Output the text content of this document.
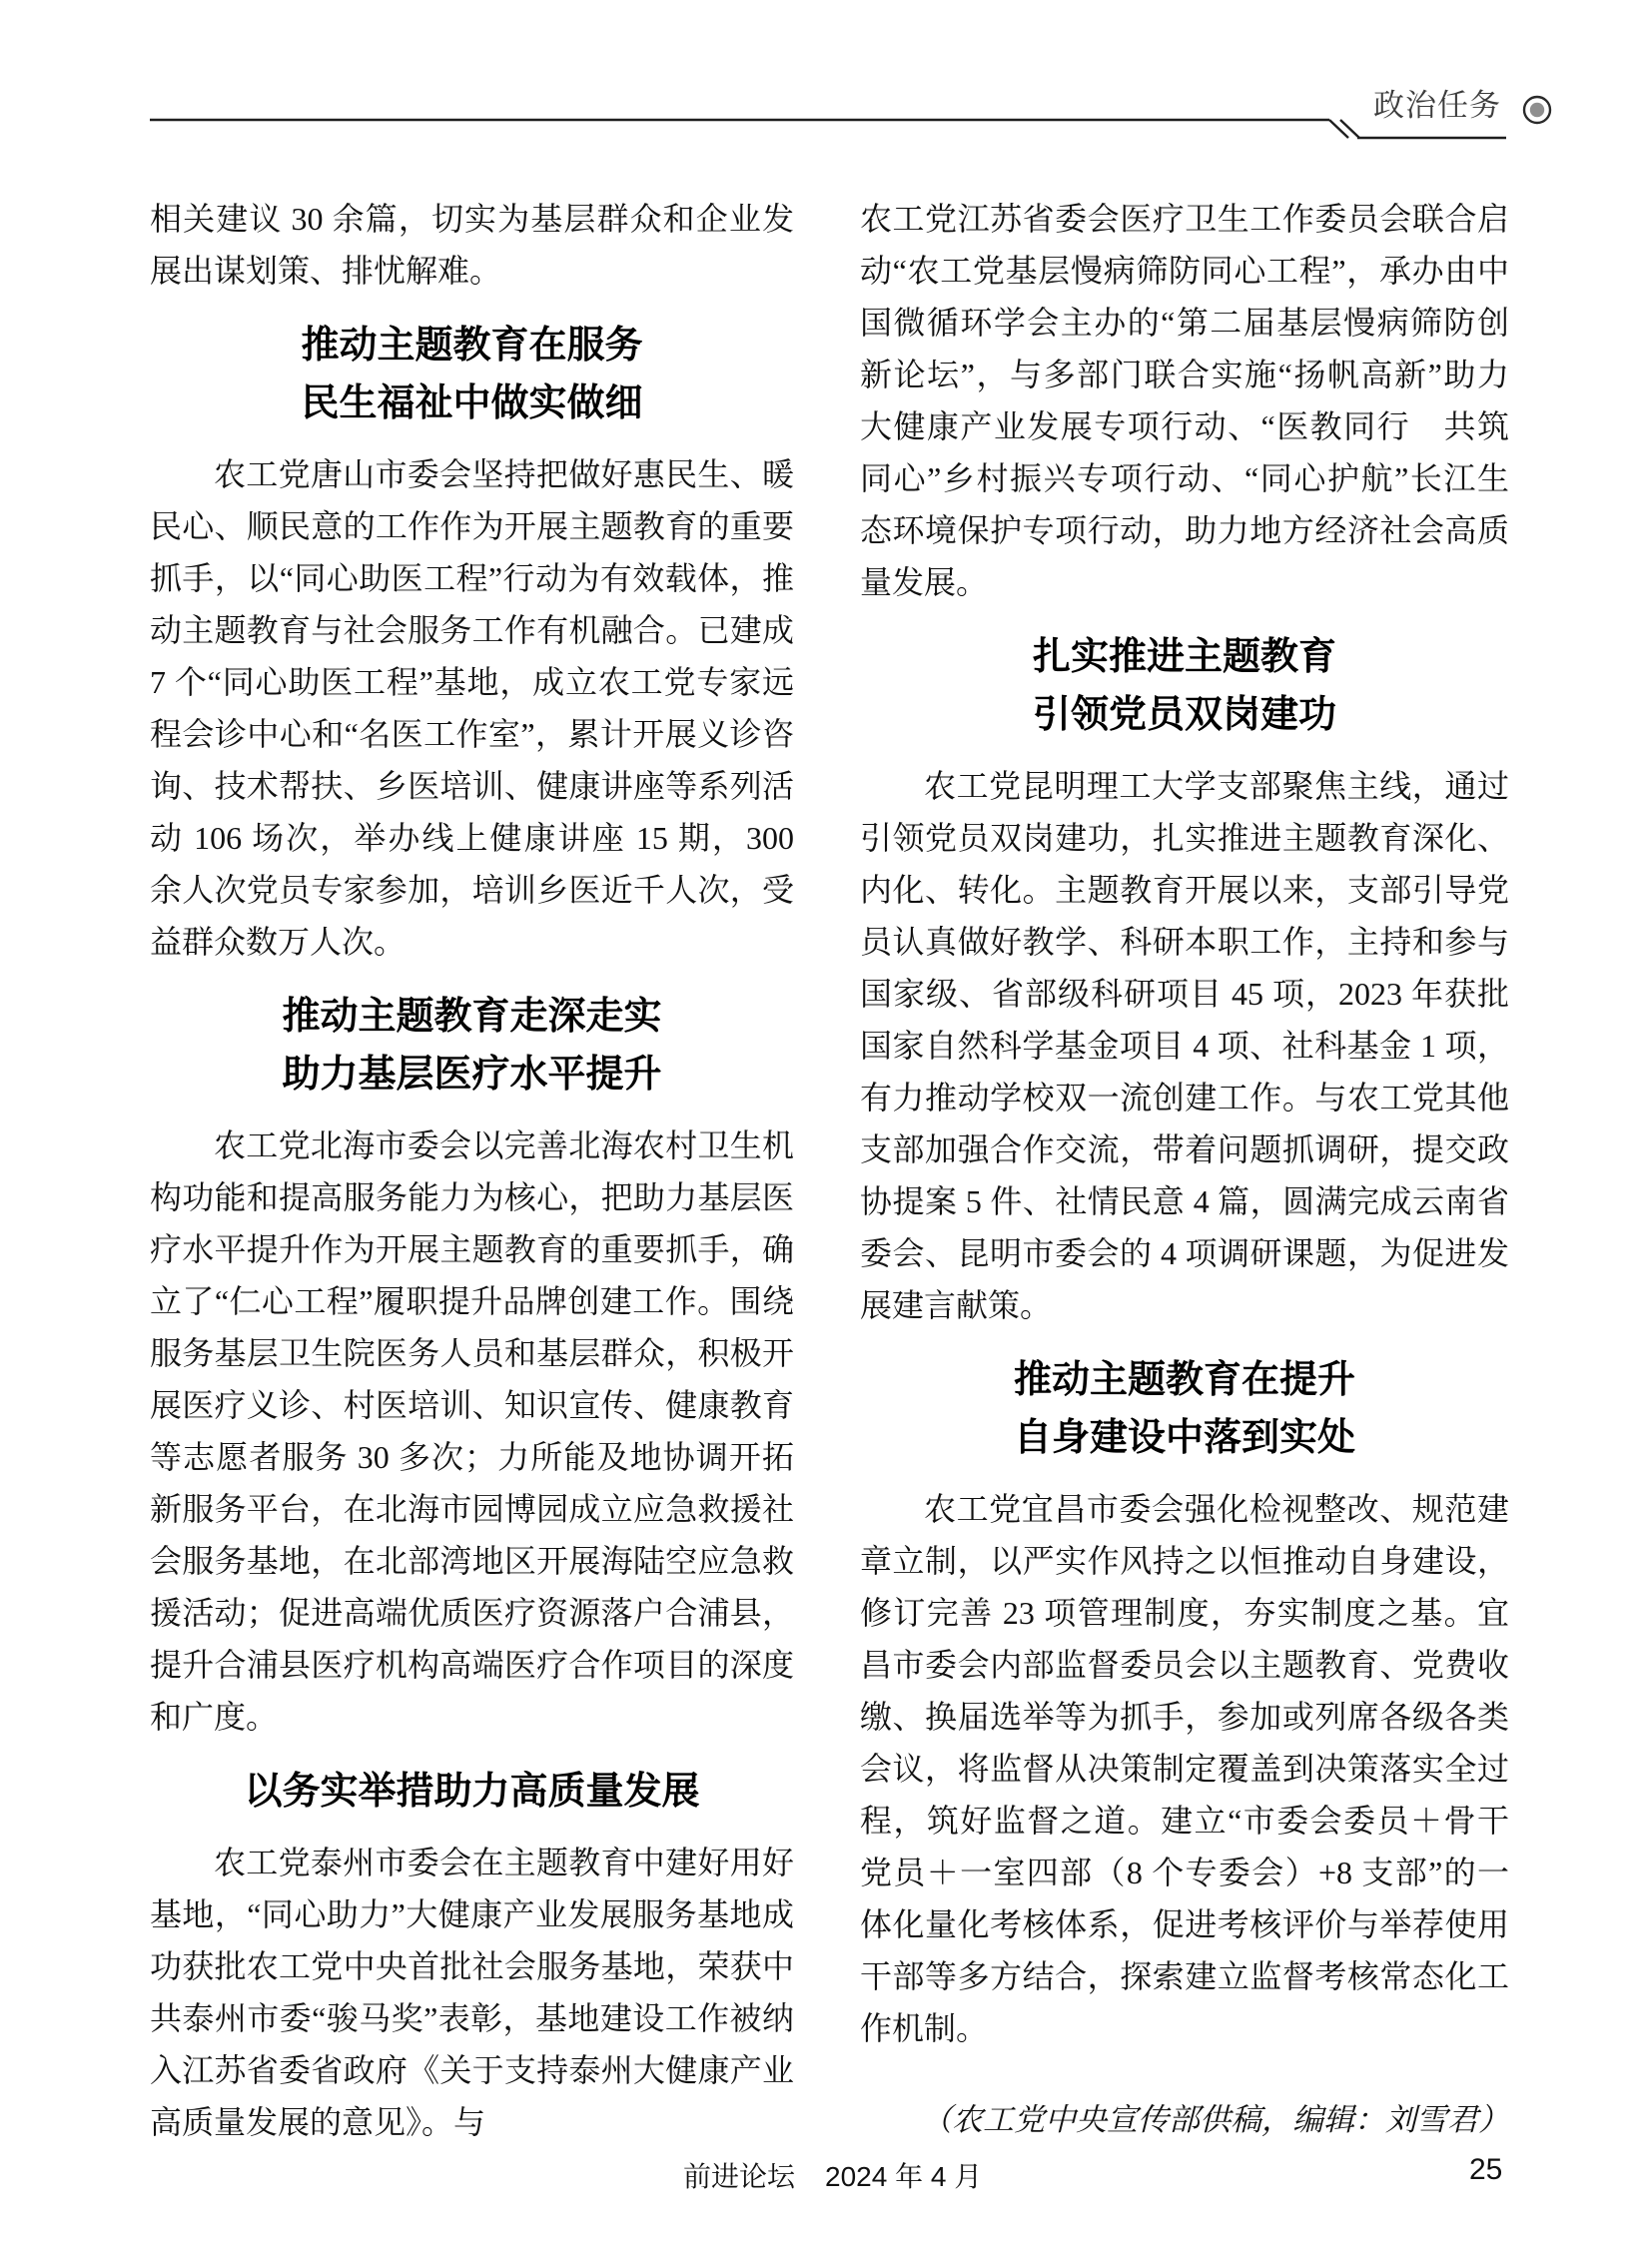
政治任务

相关建议 30 余篇，切实为基层群众和企业发展出谋划策、排忧解难。

推动主题教育在服务
民生福祉中做实做细

农工党唐山市委会坚持把做好惠民生、暖民心、顺民意的工作作为开展主题教育的重要抓手，以“同心助医工程”行动为有效载体，推动主题教育与社会服务工作有机融合。已建成 7 个“同心助医工程”基地，成立农工党专家远程会诊中心和“名医工作室”，累计开展义诊咨询、技术帮扶、乡医培训、健康讲座等系列活动 106 场次，举办线上健康讲座 15 期，300 余人次党员专家参加，培训乡医近千人次，受益群众数万人次。

推动主题教育走深走实
助力基层医疗水平提升

农工党北海市委会以完善北海农村卫生机构功能和提高服务能力为核心，把助力基层医疗水平提升作为开展主题教育的重要抓手，确立了“仁心工程”履职提升品牌创建工作。围绕服务基层卫生院医务人员和基层群众，积极开展医疗义诊、村医培训、知识宣传、健康教育等志愿者服务 30 多次；力所能及地协调开拓新服务平台，在北海市园博园成立应急救援社会服务基地，在北部湾地区开展海陆空应急救援活动；促进高端优质医疗资源落户合浦县，提升合浦县医疗机构高端医疗合作项目的深度和广度。

以务实举措助力高质量发展

农工党泰州市委会在主题教育中建好用好基地，“同心助力”大健康产业发展服务基地成功获批农工党中央首批社会服务基地，荣获中共泰州市委“骏马奖”表彰，基地建设工作被纳入江苏省委省政府《关于支持泰州大健康产业高质量发展的意见》。与

农工党江苏省委会医疗卫生工作委员会联合启动“农工党基层慢病筛防同心工程”，承办由中国微循环学会主办的“第二届基层慢病筛防创新论坛”，与多部门联合实施“扬帆高新”助力大健康产业发展专项行动、“医教同行　共筑同心”乡村振兴专项行动、“同心护航”长江生态环境保护专项行动，助力地方经济社会高质量发展。

扎实推进主题教育
引领党员双岗建功

农工党昆明理工大学支部聚焦主线，通过引领党员双岗建功，扎实推进主题教育深化、内化、转化。主题教育开展以来，支部引导党员认真做好教学、科研本职工作，主持和参与国家级、省部级科研项目 45 项，2023 年获批国家自然科学基金项目 4 项、社科基金 1 项，有力推动学校双一流创建工作。与农工党其他支部加强合作交流，带着问题抓调研，提交政协提案 5 件、社情民意 4 篇，圆满完成云南省委会、昆明市委会的 4 项调研课题，为促进发展建言献策。

推动主题教育在提升
自身建设中落到实处

农工党宜昌市委会强化检视整改、规范建章立制，以严实作风持之以恒推动自身建设，修订完善 23 项管理制度，夯实制度之基。宜昌市委会内部监督委员会以主题教育、党费收缴、换届选举等为抓手，参加或列席各级各类会议，将监督从决策制定覆盖到决策落实全过程，筑好监督之道。建立“市委会委员＋骨干党员＋一室四部（8 个专委会）+8 支部”的一体化量化考核体系，促进考核评价与举荐使用干部等多方结合，探索建立监督考核常态化工作机制。

（农工党中央宣传部供稿，编辑：刘雪君）

前进论坛 2024 年 4 月	25
